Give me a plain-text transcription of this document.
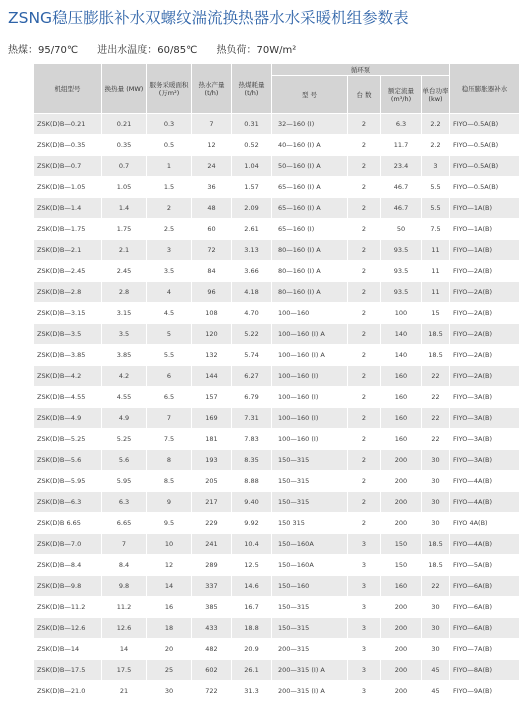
ZSNG稳压膨胀补水双螺纹湍流换热器水水采暖机组参数表
热煤：95/70℃ 进出水温度：60/85℃ 热负荷：70W/m²
机组型号	换热量 (MW)	服务采暖面积 (万m²)	热水产量 (t/h)	热煤耗量 (t/h)	循环泵				稳压膨胀器补水
					型 号	台 数	额定流量 (m³/h)	单台功率 (kw)	
ZSK(D)B—0.21	0.21	0.3	7	0.31	32—160 (I)	2	6.3	2.2	FIYO—0.5A(B)
ZSK(D)B—0.35	0.35	0.5	12	0.52	40—160 (I) A	2	11.7	2.2	FIYO—0.5A(B)
ZSK(D)B—0.7	0.7	1	24	1.04	50—160 (I) A	2	23.4	3	FIYO—0.5A(B)
ZSK(D)B—1.05	1.05	1.5	36	1.57	65—160 (I) A	2	46.7	5.5	FIYO—0.5A(B)
ZSK(D)B—1.4	1.4	2	48	2.09	65—160 (I) A	2	46.7	5.5	FIYO—1A(B)
ZSK(D)B—1.75	1.75	2.5	60	2.61	65—160 (I)	2	50	7.5	FIYO—1A(B)
ZSK(D)B—2.1	2.1	3	72	3.13	80—160 (I) A	2	93.5	11	FIYO—1A(B)
ZSK(D)B—2.45	2.45	3.5	84	3.66	80—160 (I) A	2	93.5	11	FIYO—2A(B)
ZSK(D)B—2.8	2.8	4	96	4.18	80—160 (I) A	2	93.5	11	FIYO—2A(B)
ZSK(D)B—3.15	3.15	4.5	108	4.70	100—160	2	100	15	FIYO—2A(B)
ZSK(D)B—3.5	3.5	5	120	5.22	100—160 (I) A	2	140	18.5	FIYO—2A(B)
ZSK(D)B—3.85	3.85	5.5	132	5.74	100—160 (I) A	2	140	18.5	FIYO—2A(B)
ZSK(D)B—4.2	4.2	6	144	6.27	100—160 (I)	2	160	22	FIYO—2A(B)
ZSK(D)B—4.55	4.55	6.5	157	6.79	100—160 (I)	2	160	22	FIYO—3A(B)
ZSK(D)B—4.9	4.9	7	169	7.31	100—160 (I)	2	160	22	FIYO—3A(B)
ZSK(D)B—5.25	5.25	7.5	181	7.83	100—160 (I)	2	160	22	FIYO—3A(B)
ZSK(D)B—5.6	5.6	8	193	8.35	150—315	2	200	30	FIYO—3A(B)
ZSK(D)B—5.95	5.95	8.5	205	8.88	150—315	2	200	30	FIYO—4A(B)
ZSK(D)B—6.3	6.3	9	217	9.40	150—315	2	200	30	FIYO—4A(B)
ZSK(D)B 6.65	6.65	9.5	229	9.92	150 315	2	200	30	FIYO 4A(B)
ZSK(D)B—7.0	7	10	241	10.4	150—160A	3	150	18.5	FIYO—4A(B)
ZSK(D)B—8.4	8.4	12	289	12.5	150—160A	3	150	18.5	FIYO—5A(B)
ZSK(D)B—9.8	9.8	14	337	14.6	150—160	3	160	22	FIYO—6A(B)
ZSK(D)B—11.2	11.2	16	385	16.7	150—315	3	200	30	FIYO—6A(B)
ZSK(D)B—12.6	12.6	18	433	18.8	150—315	3	200	30	FIYO—6A(B)
ZSK(D)B—14	14	20	482	20.9	200—315	3	200	30	FIYO—7A(B)
ZSK(D)B—17.5	17.5	25	602	26.1	200—315 (I) A	3	200	45	FIYO—8A(B)
ZSK(D)B—21.0	21	30	722	31.3	200—315 (I) A	3	200	45	FIYO—9A(B)
